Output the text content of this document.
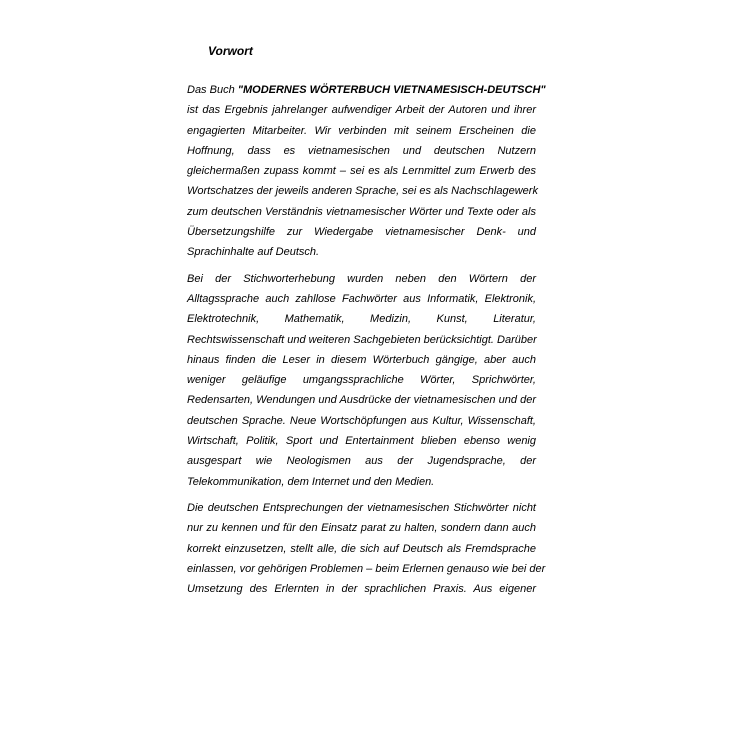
Vorwort

Das Buch "MODERNES WÖRTERBUCH VIETNAMESISCH-DEUTSCH"
ist das Ergebnis jahrelanger aufwendiger Arbeit der Autoren und ihrer
engagierten Mitarbeiter. Wir verbinden mit seinem Erscheinen die
Hoffnung, dass es vietnamesischen und deutschen Nutzern
gleichermaßen zupass kommt – sei es als Lernmittel zum Erwerb des
Wortschatzes der jeweils anderen Sprache, sei es als Nachschlagewerk
zum deutschen Verständnis vietnamesischer Wörter und Texte oder als
Übersetzungshilfe zur Wiedergabe vietnamesischer Denk- und
Sprachinhalte auf Deutsch.

Bei der Stichworterhebung wurden neben den Wörtern der
Alltagssprache auch zahllose Fachwörter aus Informatik, Elektronik,
Elektrotechnik, Mathematik, Medizin, Kunst, Literatur,
Rechtswissenschaft und weiteren Sachgebieten berücksichtigt. Darüber
hinaus finden die Leser in diesem Wörterbuch gängige, aber auch
weniger geläufige umgangssprachliche Wörter, Sprichwörter,
Redensarten, Wendungen und Ausdrücke der vietnamesischen und der
deutschen Sprache. Neue Wortschöpfungen aus Kultur, Wissenschaft,
Wirtschaft, Politik, Sport und Entertainment blieben ebenso wenig
ausgespart wie Neologismen aus der Jugendsprache, der
Telekommunikation, dem Internet und den Medien.

Die deutschen Entsprechungen der vietnamesischen Stichwörter nicht
nur zu kennen und für den Einsatz parat zu halten, sondern dann auch
korrekt einzusetzen, stellt alle, die sich auf Deutsch als Fremdsprache
einlassen, vor gehörigen Problemen – beim Erlernen genauso wie bei der
Umsetzung des Erlernten in der sprachlichen Praxis. Aus eigener
